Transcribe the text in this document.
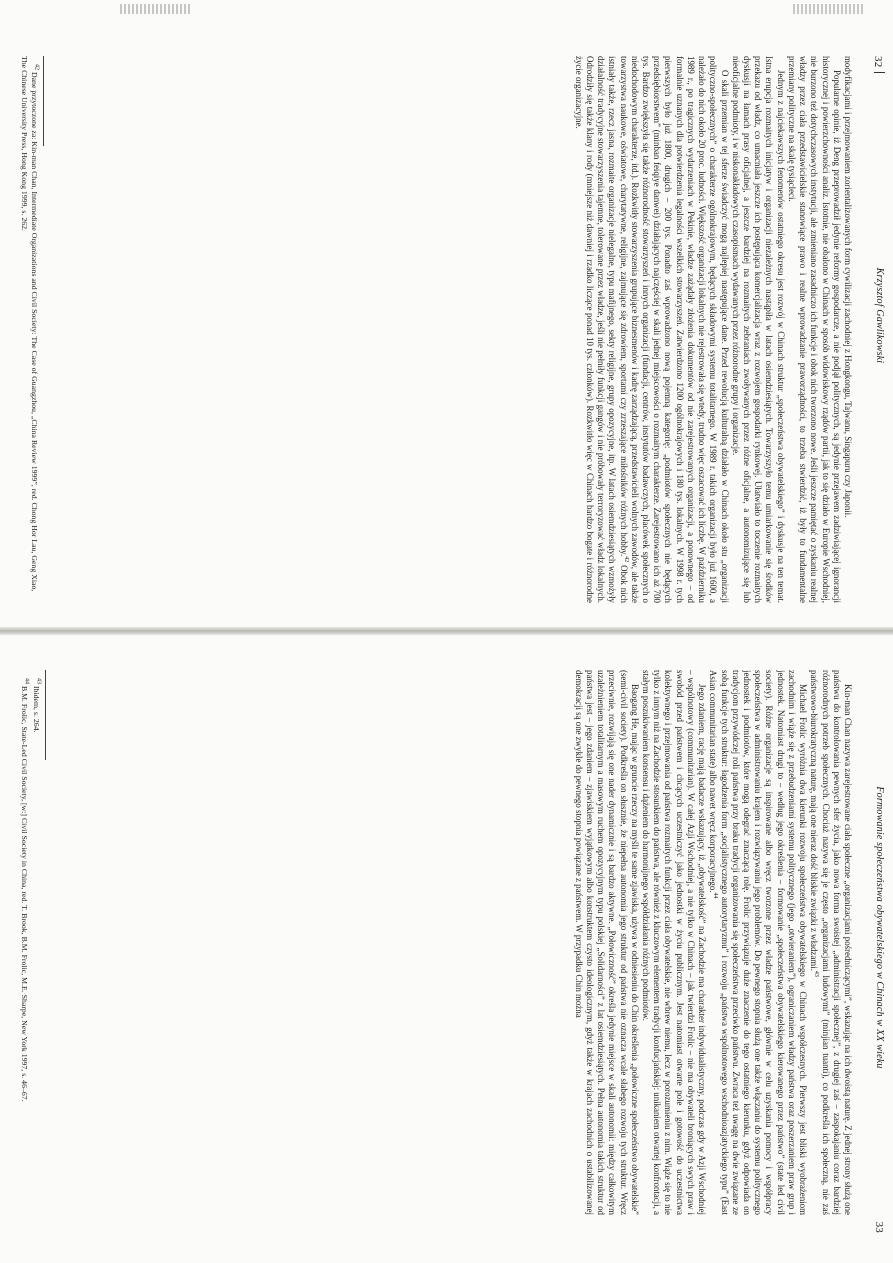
32
Krzysztof Gawlikowski

modyfikacjami i przejmowaniem zorientalizowanych form cywilizacji zachodniej z Hongkongu, Tajwanu, Singapuru czy Japonii.

Popularne opinie, iż Deng przeprowadził jedynie reformy gospodarcze, a nie podjął politycznych, są jedynie przejawem zadziwiającej ignorancji historycznej i powierzchowności analiz. Istotnie, nie obalono w Chinach w sposób widowiskowy rządów partii, jak to się działo w Europie Wschodniej, nie burzono też dotychczasowych instytucji, ale zmieniano zasadniczo ich funkcje i obok nich tworzono nowe. Jeśli jeszcze pamiętać o zyskaniu realnej władzy przez ciała przedstawicielskie stanowiące prawo i realne wprowadzanie praworządności, to trzeba stwierdzić, iż były to fundamentalne przemiany polityczne na skalę tysiącleci.

Jednym z najciekawszych fenomenów ostatniego okresu jest rozwój w Chinach struktur „społeczeństwa obywatelskiego” i dyskusje na ten temat. Istna erupcja rozmaitych inicjatyw i organizacji niezależnych nastąpiła w latach osiemdziesiątych. Towarzyszyło temu umiarkowanie się środków przekazu od władz, co umacniała jeszcze ich postępująca komercjalizacja wraz z rozwojem gospodarki rynkowej. Ułatwiało to toczenie rozmaitych dyskusji na łamach prasy oficjalnej, a jeszcze bardziej na rozmaitych zebraniach zwoływanych przez różne oficjalne, a autonomizujące się lub nieoficjalne podmioty, i w niskonakładowych czasopismach wydawanych przez różnorodne grupy i organizacje.

O skali przemian w tej sferze świadczyć mogą najlepiej następujące dane. Przed rewolucją kulturalną działało w Chinach około stu „organizacji polityczno-społecznych” o charakterze ogólnokrajowym, będących składowymi systemu totalitarnego. W 1989 r. takich organizacji było już 1600, a należało do nich około 20 proc. ludności. Większość organizacji lokalnych nie rejestrowała się wtedy, trudno więc oszacować ich liczbę. W październiku 1989 r., po tragicznych wydarzeniach w Pekinie, władze zażądały złożenia dokumentów od nie zarejestrowanych organizacji, a ponownego – od formalnie uznanych dla potwierdzenia legalności wszelkich stowarzyszeń. Zatwierdzono 1200 ogólnokrajowych i 180 tys. lokalnych. W 1998 r. tych pierwszych było już 1800, drugich – 200 tys. Ponadto zaś wprowadzono nową pojemną kategorię: „podmiotów społecznych nie będących przedsiębiorstwem” (minban feiqiye danwei) działających najczęściej w skali jednej miejscowości o rozmaitym charakterze. Zarejestrowano ich aż 700 tys. Bardzo zwiększyła się także różnorodność stowarzyszeń i innych organizacji (fundacji, centrów, instytutów badawczych, placówek społecznych o niedochodowym charakterze, itd.). Rozkwitły stowarzyszenia grupujące biznesmenów i kadrę zarządzającą, przedstawicieli wolnych zawodów, ale także towarzystwa naukowe, oświatowe, charytatywne, religijne, zajmujące się zdrowiem, sportami czy zrzeszające miłośników różnych hobby.$^{42}$ Obok nich istniały także, rzecz jasna, rozmaite organizacje nielegalne, typu mafijnego, sekty religijne, grupy opozycyjne, itp. W latach osiemdziesiątych wzmożyły działalność tradycyjne stowarzyszenia tajemne, tolerowane przez władze, jeśli nie pełniły funkcji gangów i nie próbowały terroryzować władz lokalnych. Odrodziły się także klany i rody (mniejsze niż dawniej i rzadko liczące ponad 10 tys. członków). Rozkwitło więc w Chinach bardzo bogate i różnorodne życie organizacyjne.

$^{42}$ Dane przytoczone za: Kin-man Chan, Intermediate Organizations and Civil Society: The Case of Guangzhou, „China Review 1999”, red. Chong Hor Lau, Geng Xiao, The Chinese University Press, Hong Kong 1999, s. 262.

Formowanie społeczeństwa obywatelskiego w Chinach w XX wieku
33

Kin-man Chan nazywa zarejestrowane ciała społeczne „organizacjami pośredniczącymi”, wskazując na ich dwoistą naturę. Z jednej strony służą one państwu do kontrolowania pewnych sfer życia, jako nowa forma swoistej „administracji społecznej”, z drugiej zaś – zaspokajaniu coraz bardziej różnorodnych potrzeb społecznych. Chociaż nazywa się je często „organizacjami ludowymi” (minjian tuanti), co podkreśla ich społeczną, nie zaś państwowo-biurokratyczną naturę, mają one nieraz dość bliskie związki z władzami.$^{43}$

Michael Frolic wyróżnia dwa kierunki rozwoju społeczeństwa obywatelskiego w Chinach współczesnych. Pierwszy jest bliski wyobrażeniom zachodnim i wiąże się z przebudzeniami systemu politycznego (jego „otwieraniem”), ograniczaniem władzy państwa oraz poszerzaniem praw grup i jednostek. Natomiast drugi to – według jego określenia – formowanie „społeczeństwa obywatelskiego kierowanego przez państwo” (state led civil society). Różne organizacje są inspirowane albo wręcz tworzone przez władze państwowe, głównie w celu uzyskania pomocy i współpracy społeczeństwa w administrowaniu krajem i rozwiązywaniu jego problemów. Do pewnego stopnia służą one także włączaniu do systemu politycznego jednostek i podmiotów, które mogą odegrać znaczącą rolę. Frolic przywiązuje duże znaczenie do tego ostatniego kierunku, gdyż odpowiada on tradycjom przywódczej roli państwa przy braku tradycji organizowania się społeczeństwa przeciwko państwu. Zwraca też uwagę na dwie związane ze sobą funkcje tych struktur: łagodzenia form „socjalistycznego autorytaryzmu” i rozwoju „państwa wspólnotowego wschodnioazjatyckiego typu” (East Asian communitarian state) albo nawet wręcz korporacyjnego.$^{44}$

Jego zdaniem, rację mają badacze wskazujący, iż „obywatelskość” na Zachodzie ma charakter indywidualistyczny, podczas gdy w Azji Wschodniej – wspólnotowy (communitarian). W całej Azji Wschodniej, a nie tylko w Chinach – jak twierdzi Frolic – nie ma obywateli broniących swych praw i swobód przed państwem i chcących uczestniczyć jako jednostki w życiu publicznym. Jest natomiast otwarte pole i gotowość do uczestnictwa kolektywnego i przejmowania od państwa rozmaitych funkcji przez ciała obywatelskie, nie wbrew niemu, lecz w porozumieniu z nim. Wiąże się to nie tylko z innym niż na Zachodzie stosunkiem do państwa, ale również z kluczowym elementem tradycji konfucjańskiej: unikaniem otwartej konfrontacji, a stałym poszukiwaniem konsensu i dążeniem do harmonijnego współdziałania różnych podmiotów.

Baogang He, mając w gruncie rzeczy na myśli te same zjawiska, używa w odniesieniu do Chin określenia „połowiczne społeczeństwo obywatelskie” (semi-civil society). Podkreśla on słusznie, że niepełna autonomia jego struktur od państwa nie oznacza wcale słabego rozwoju tych struktur. Wręcz przeciwnie, rozwijają się one nader dynamicznie i są bardzo aktywne. „Połowiczność” określa jedynie miejsce w skali autonomii: między całkowitym uzależnieniem totalitarnym a masowym ruchem opozycyjnym typu polskiej „Solidarności” z lat osiemdziesiątych. Pełna autonomia takich struktur od państwa jest – jego zdaniem – zjawiskiem wyjątkowym albo konstruktem czysto ideologicznym, gdyż także w krajach zachodnich o ustabilizowanej demokracji są one zwykle do pewnego stopnia powiązane z państwem. W przypadku Chin można

$^{43}$ Ibidem, s. 264.

$^{44}$ B.M. Frolic, State-Led Civil Society, [w:] Civil Society in China, red. T. Brook, B.M. Frolic, M.E. Sharpe, New York 1997, s. 46–67.
